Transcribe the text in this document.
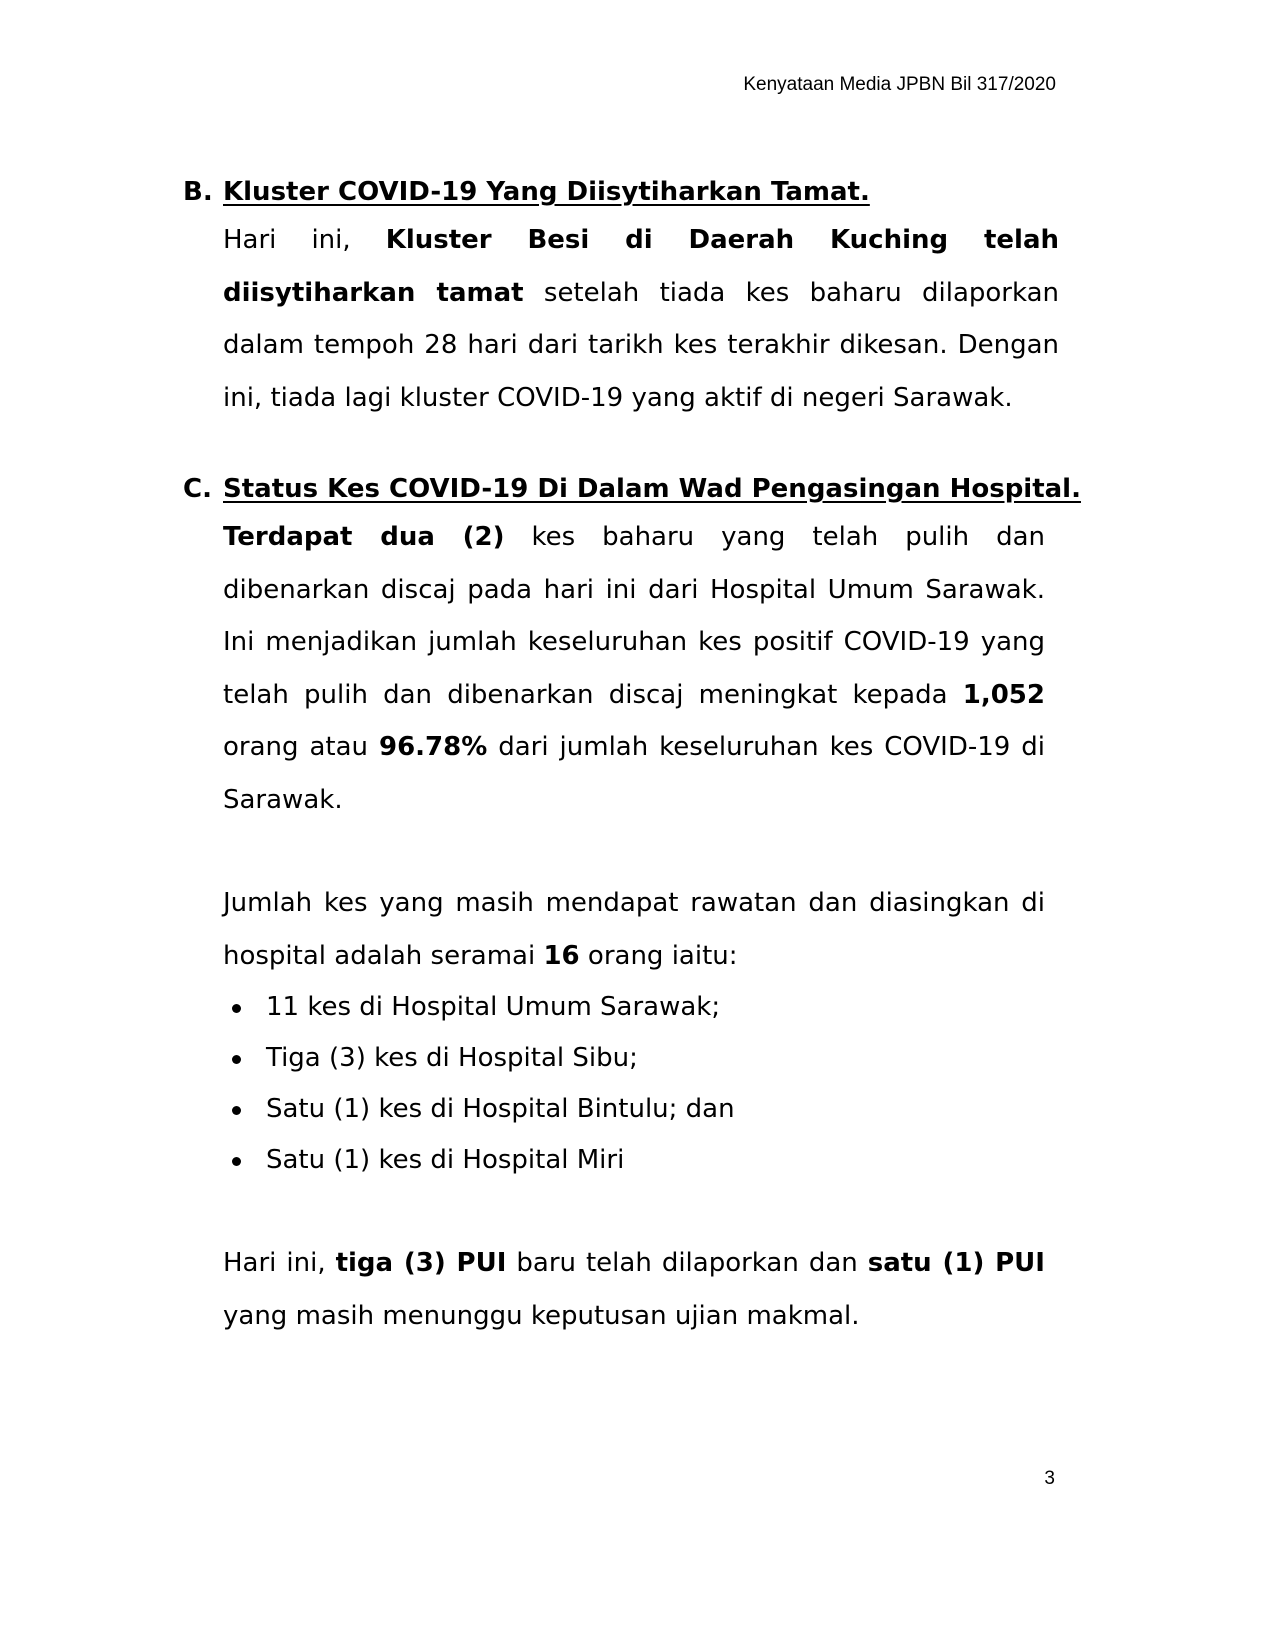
Kenyataan Media JPBN Bil 317/2020
B. Kluster COVID-19 Yang Diisytiharkan Tamat.
Hari ini, Kluster Besi di Daerah Kuching telah diisytiharkan tamat setelah tiada kes baharu dilaporkan dalam tempoh 28 hari dari tarikh kes terakhir dikesan. Dengan ini, tiada lagi kluster COVID-19 yang aktif di negeri Sarawak.
C. Status Kes COVID-19 Di Dalam Wad Pengasingan Hospital.
Terdapat dua (2) kes baharu yang telah pulih dan dibenarkan discaj pada hari ini dari Hospital Umum Sarawak. Ini menjadikan jumlah keseluruhan kes positif COVID-19 yang telah pulih dan dibenarkan discaj meningkat kepada 1,052 orang atau 96.78% dari jumlah keseluruhan kes COVID-19 di Sarawak.
Jumlah kes yang masih mendapat rawatan dan diasingkan di hospital adalah seramai 16 orang iaitu:
11 kes di Hospital Umum Sarawak;
Tiga (3) kes di Hospital Sibu;
Satu (1) kes di Hospital Bintulu; dan
Satu (1) kes di Hospital Miri
Hari ini, tiga (3) PUI baru telah dilaporkan dan satu (1) PUI yang masih menunggu keputusan ujian makmal.
3
